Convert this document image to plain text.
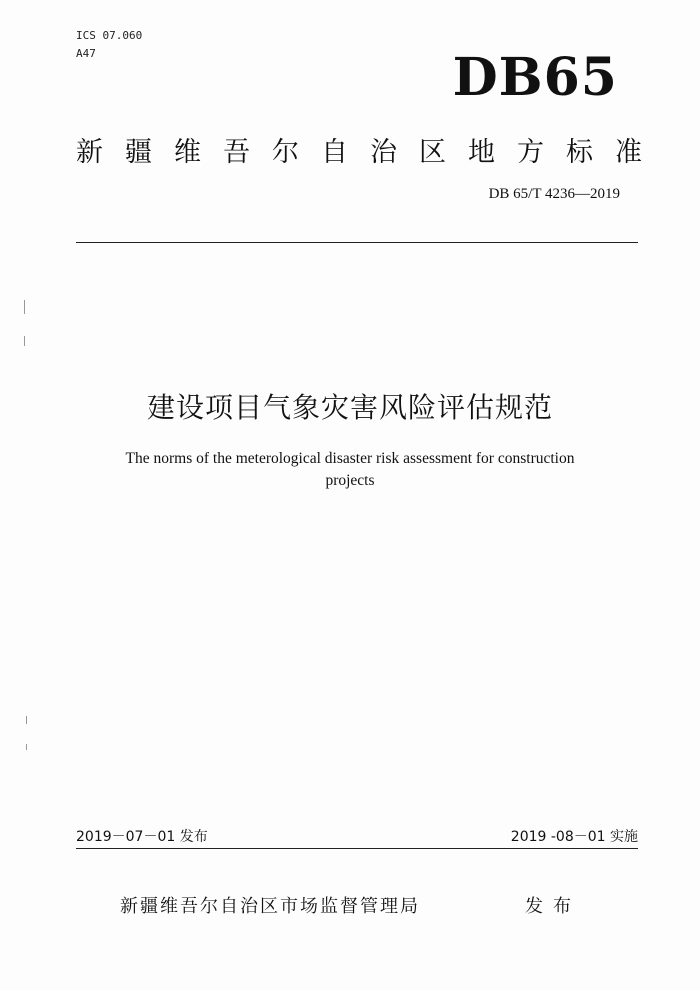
ICS 07.060
A47	DB65
新 疆 维 吾 尔 自 治 区 地 方 标 准
DB 65/T 4236—2019
建设项目气象灾害风险评估规范
The norms of the meterological disaster risk assessment for construction
projects
2019－07－01 发布	2019 -08－01 实施
新疆维吾尔自治区市场监督管理局	发布
